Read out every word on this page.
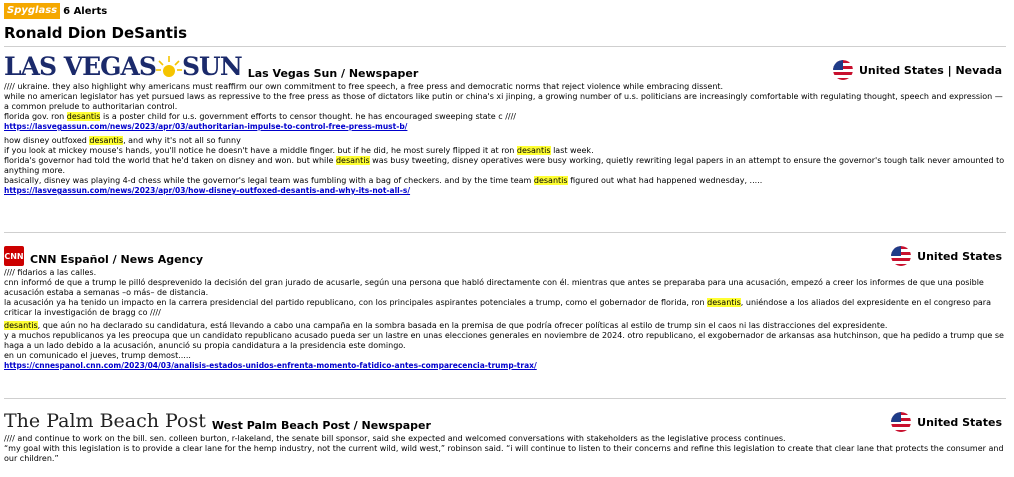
Spyglass 6 Alerts
Ronald Dion DeSantis
LAS VEGAS SUN Las Vegas Sun / Newspaper	United States | Nevada

//// ukraine. they also highlight why americans must reaffirm our own commitment to free speech, a free press and democratic norms that reject violence while embracing dissent.

while no american legislator has yet pursued laws as repressive to the free press as those of dictators like putin or china's xi jinping, a growing number of u.s. politicians are increasingly comfortable with regulating thought, speech and expression — a common prelude to authoritarian control.

florida gov. ron desantis is a poster child for u.s. government efforts to censor thought. he has encouraged sweeping state c ////

https://lasvegassun.com/news/2023/apr/03/authoritarian-impulse-to-control-free-press-must-b/

how disney outfoxed desantis, and why it's not all so funny

if you look at mickey mouse's hands, you'll notice he doesn't have a middle finger. but if he did, he most surely flipped it at ron desantis last week.

florida's governor had told the world that he'd taken on disney and won. but while desantis was busy tweeting, disney operatives were busy working, quietly rewriting legal papers in an attempt to ensure the governor's tough talk never amounted to anything more.

basically, disney was playing 4-d chess while the governor's legal team was fumbling with a bag of checkers. and by the time team desantis figured out what had happened wednesday, .....

https://lasvegassun.com/news/2023/apr/03/how-disney-outfoxed-desantis-and-why-its-not-all-s/
CNN CNN Español / News Agency	United States

//// fidarios a las calles.

cnn informó de que a trump le pilló desprevenido la decisión del gran jurado de acusarle, según una persona que habló directamente con él. mientras que antes se preparaba para una acusación, empezó a creer los informes de que una posible acusación estaba a semanas –o más– de distancia.

la acusación ya ha tenido un impacto en la carrera presidencial del partido republicano, con los principales aspirantes potenciales a trump, como el gobernador de florida, ron desantis, uniéndose a los aliados del expresidente en el congreso para criticar la investigación de bragg co ////

desantis, que aún no ha declarado su candidatura, está llevando a cabo una campaña en la sombra basada en la premisa de que podría ofrecer políticas al estilo de trump sin el caos ni las distracciones del expresidente.

y a muchos republicanos ya les preocupa que un candidato republicano acusado pueda ser un lastre en unas elecciones generales en noviembre de 2024. otro republicano, el exgobernador de arkansas asa hutchinson, que ha pedido a trump que se haga a un lado debido a la acusación, anunció su propia candidatura a la presidencia este domingo.

en un comunicado el jueves, trump demost.....

https://cnnespanol.cnn.com/2023/04/03/analisis-estados-unidos-enfrenta-momento-fatidico-antes-comparecencia-trump-trax/
The Palm Beach Post West Palm Beach Post / Newspaper	United States

//// and continue to work on the bill. sen. colleen burton, r-lakeland, the senate bill sponsor, said she expected and welcomed conversations with stakeholders as the legislative process continues.

“my goal with this legislation is to provide a clear lane for the hemp industry, not the current wild, wild west,” robinson said. “i will continue to listen to their concerns and refine this legislation to create that clear lane that protects the consumer and our children.”
